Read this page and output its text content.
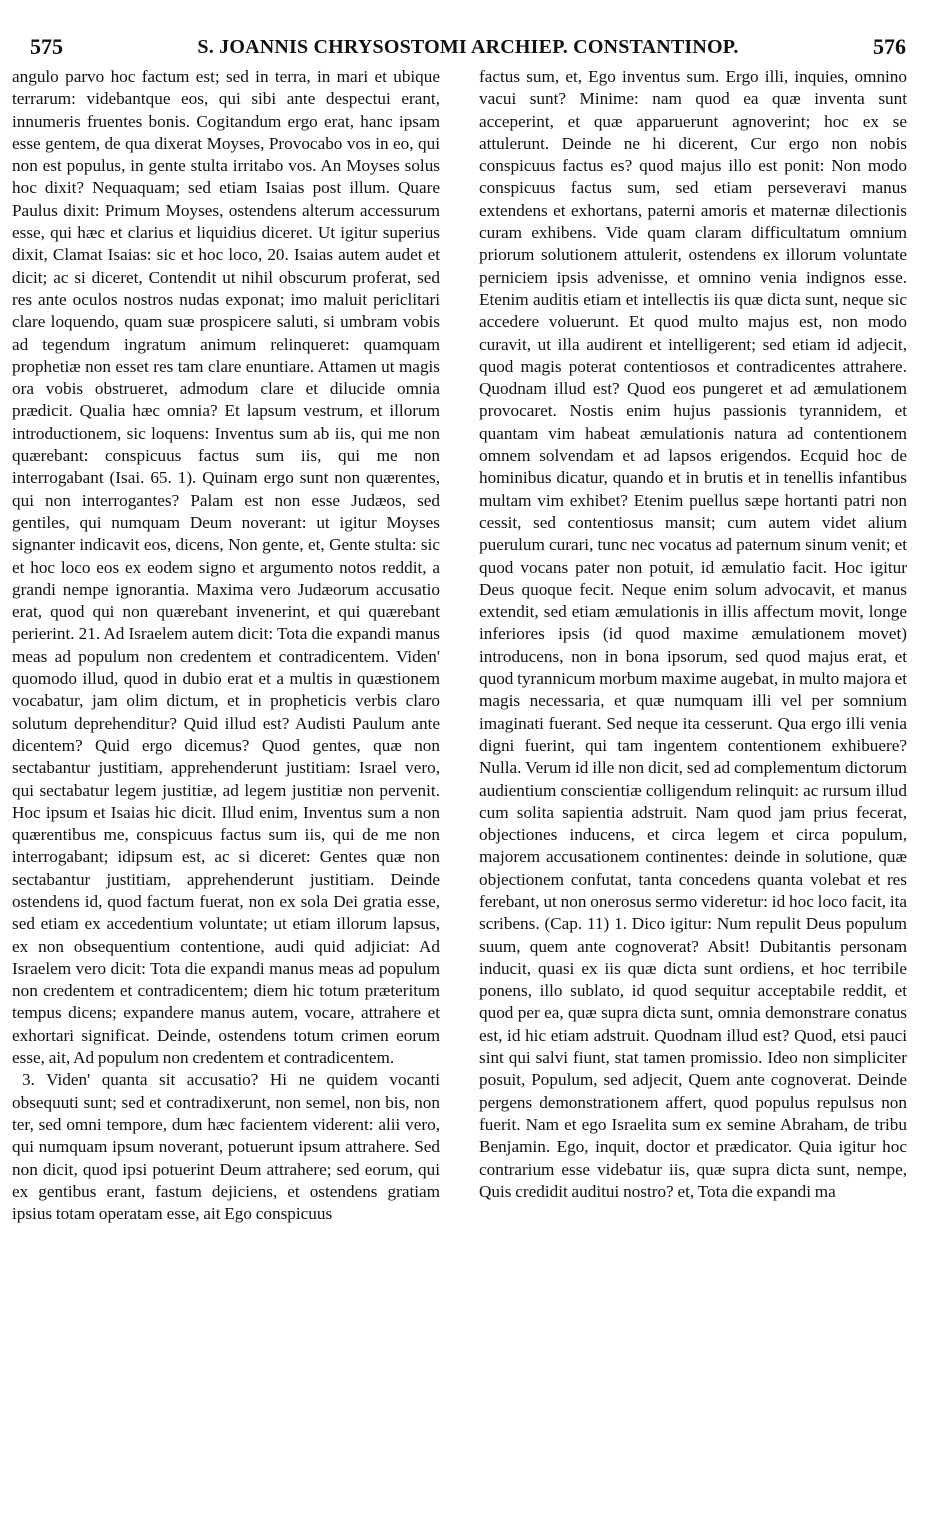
575	S. JOANNIS CHRYSOSTOMI ARCHIEP. CONSTANTINOP.	576

angulo parvo hoc factum est; sed in terra, in mari et ubique terrarum: videbantque eos, qui sibi ante despectui erant, innumeris fruentes bonis. Cogitandum ergo erat, hanc ipsam esse gentem, de qua dixerat Moyses, Provocabo vos in eo, qui non est populus, in gente stulta irritabo vos. An Moyses solus hoc dixit? Nequaquam; sed etiam Isaias post illum. Quare Paulus dixit: Primum Moyses, ostendens alterum accessurum esse, qui hæc et clarius et liquidius diceret. Ut igitur superius dixit, Clamat Isaias: sic et hoc loco, 20. Isaias autem audet et dicit; ac si diceret, Contendit ut nihil obscurum proferat, sed res ante oculos nostros nudas exponat; imo maluit periclitari clare loquendo, quam suæ prospicere saluti, si umbram vobis ad tegendum ingratum animum relinqueret: quamquam prophetiæ non esset res tam clare enuntiare. Attamen ut magis ora vobis obstrueret, admodum clare et dilucide omnia prædicit. Qualia hæc omnia? Et lapsum vestrum, et illorum introductionem, sic loquens: Inventus sum ab iis, qui me non quærebant: conspicuus factus sum iis, qui me non interrogabant (Isai. 65. 1). Quinam ergo sunt non quærentes, qui non interrogantes? Palam est non esse Judæos, sed gentiles, qui numquam Deum noverant: ut igitur Moyses signanter indicavit eos, dicens, Non gente, et, Gente stulta: sic et hoc loco eos ex eodem signo et argumento notos reddit, a grandi nempe ignorantia. Maxima vero Judæorum accusatio erat, quod qui non quærebant invenerint, et qui quærebant perierint. 21. Ad Israelem autem dicit: Tota die expandi manus meas ad populum non credentem et contradicentem. Viden' quomodo illud, quod in dubio erat et a multis in quæstionem vocabatur, jam olim dictum, et in propheticis verbis claro solutum deprehenditur? Quid illud est? Audisti Paulum ante dicentem? Quid ergo dicemus? Quod gentes, quæ non sectabantur justitiam, apprehenderunt justitiam: Israel vero, qui sectabatur legem justitiæ, ad legem justitiæ non pervenit. Hoc ipsum et Isaias hic dicit. Illud enim, Inventus sum a non quærentibus me, conspicuus factus sum iis, qui de me non interrogabant; idipsum est, ac si diceret: Gentes quæ non sectabantur justitiam, apprehenderunt justitiam. Deinde ostendens id, quod factum fuerat, non ex sola Dei gratia esse, sed etiam ex accedentium voluntate; ut etiam illorum lapsus, ex non obsequentium contentione, audi quid adjiciat: Ad Israelem vero dicit: Tota die expandi manus meas ad populum non credentem et contradicentem; diem hic totum præteritum tempus dicens; expandere manus autem, vocare, attrahere et exhortari significat. Deinde, ostendens totum crimen eorum esse, ait, Ad populum non credentem et contradicentem.

3. Viden' quanta sit accusatio? Hi ne quidem vocanti obsequuti sunt; sed et contradixerunt, non semel, non bis, non ter, sed omni tempore, dum hæc facientem viderent: alii vero, qui numquam ipsum noverant, potuerunt ipsum attrahere. Sed non dicit, quod ipsi potuerint Deum attrahere; sed eorum, qui ex gentibus erant, fastum dejiciens, et ostendens gratiam ipsius totam operatam esse, ait Ego conspicuus

factus sum, et, Ego inventus sum. Ergo illi, inquies, omnino vacui sunt? Minime: nam quod ea quæ inventa sunt acceperint, et quæ apparuerunt agnoverint; hoc ex se attulerunt. Deinde ne hi dicerent, Cur ergo non nobis conspicuus factus es? quod majus illo est ponit: Non modo conspicuus factus sum, sed etiam perseveravi manus extendens et exhortans, paterni amoris et maternæ dilectionis curam exhibens. Vide quam claram difficultatum omnium priorum solutionem attulerit, ostendens ex illorum voluntate perniciem ipsis advenisse, et omnino venia indignos esse. Etenim auditis etiam et intellectis iis quæ dicta sunt, neque sic accedere voluerunt. Et quod multo majus est, non modo curavit, ut illa audirent et intelligerent; sed etiam id adjecit, quod magis poterat contentiosos et contradicentes attrahere. Quodnam illud est? Quod eos pungeret et ad æmulationem provocaret. Nostis enim hujus passionis tyrannidem, et quantam vim habeat æmulationis natura ad contentionem omnem solvendam et ad lapsos erigendos. Ecquid hoc de hominibus dicatur, quando et in brutis et in tenellis infantibus multam vim exhibet? Etenim puellus sæpe hortanti patri non cessit, sed contentiosus mansit; cum autem videt alium puerulum curari, tunc nec vocatus ad paternum sinum venit; et quod vocans pater non potuit, id æmulatio facit. Hoc igitur Deus quoque fecit. Neque enim solum advocavit, et manus extendit, sed etiam æmulationis in illis affectum movit, longe inferiores ipsis (id quod maxime æmulationem movet) introducens, non in bona ipsorum, sed quod majus erat, et quod tyrannicum morbum maxime augebat, in multo majora et magis necessaria, et quæ numquam illi vel per somnium imaginati fuerant. Sed neque ita cesserunt. Qua ergo illi venia digni fuerint, qui tam ingentem contentionem exhibuere? Nulla. Verum id ille non dicit, sed ad complementum dictorum audientium conscientiæ colligendum relinquit: ac rursum illud cum solita sapientia adstruit. Nam quod jam prius fecerat, objectiones inducens, et circa legem et circa populum, majorem accusationem continentes: deinde in solutione, quæ objectionem confutat, tanta concedens quanta volebat et res ferebant, ut non onerosus sermo videretur: id hoc loco facit, ita scribens. (Cap. 11) 1. Dico igitur: Num repulit Deus populum suum, quem ante cognoverat? Absit! Dubitantis personam inducit, quasi ex iis quæ dicta sunt ordiens, et hoc terribile ponens, illo sublato, id quod sequitur acceptabile reddit, et quod per ea, quæ supra dicta sunt, omnia demonstrare conatus est, id hic etiam adstruit. Quodnam illud est? Quod, etsi pauci sint qui salvi fiunt, stat tamen promissio. Ideo non simpliciter posuit, Populum, sed adjecit, Quem ante cognoverat. Deinde pergens demonstrationem affert, quod populus repulsus non fuerit. Nam et ego Israelita sum ex semine Abraham, de tribu Benjamin. Ego, inquit, doctor et prædicator. Quia igitur hoc contrarium esse videbatur iis, quæ supra dicta sunt, nempe, Quis credidit auditui nostro? et, Tota die expandi ma
